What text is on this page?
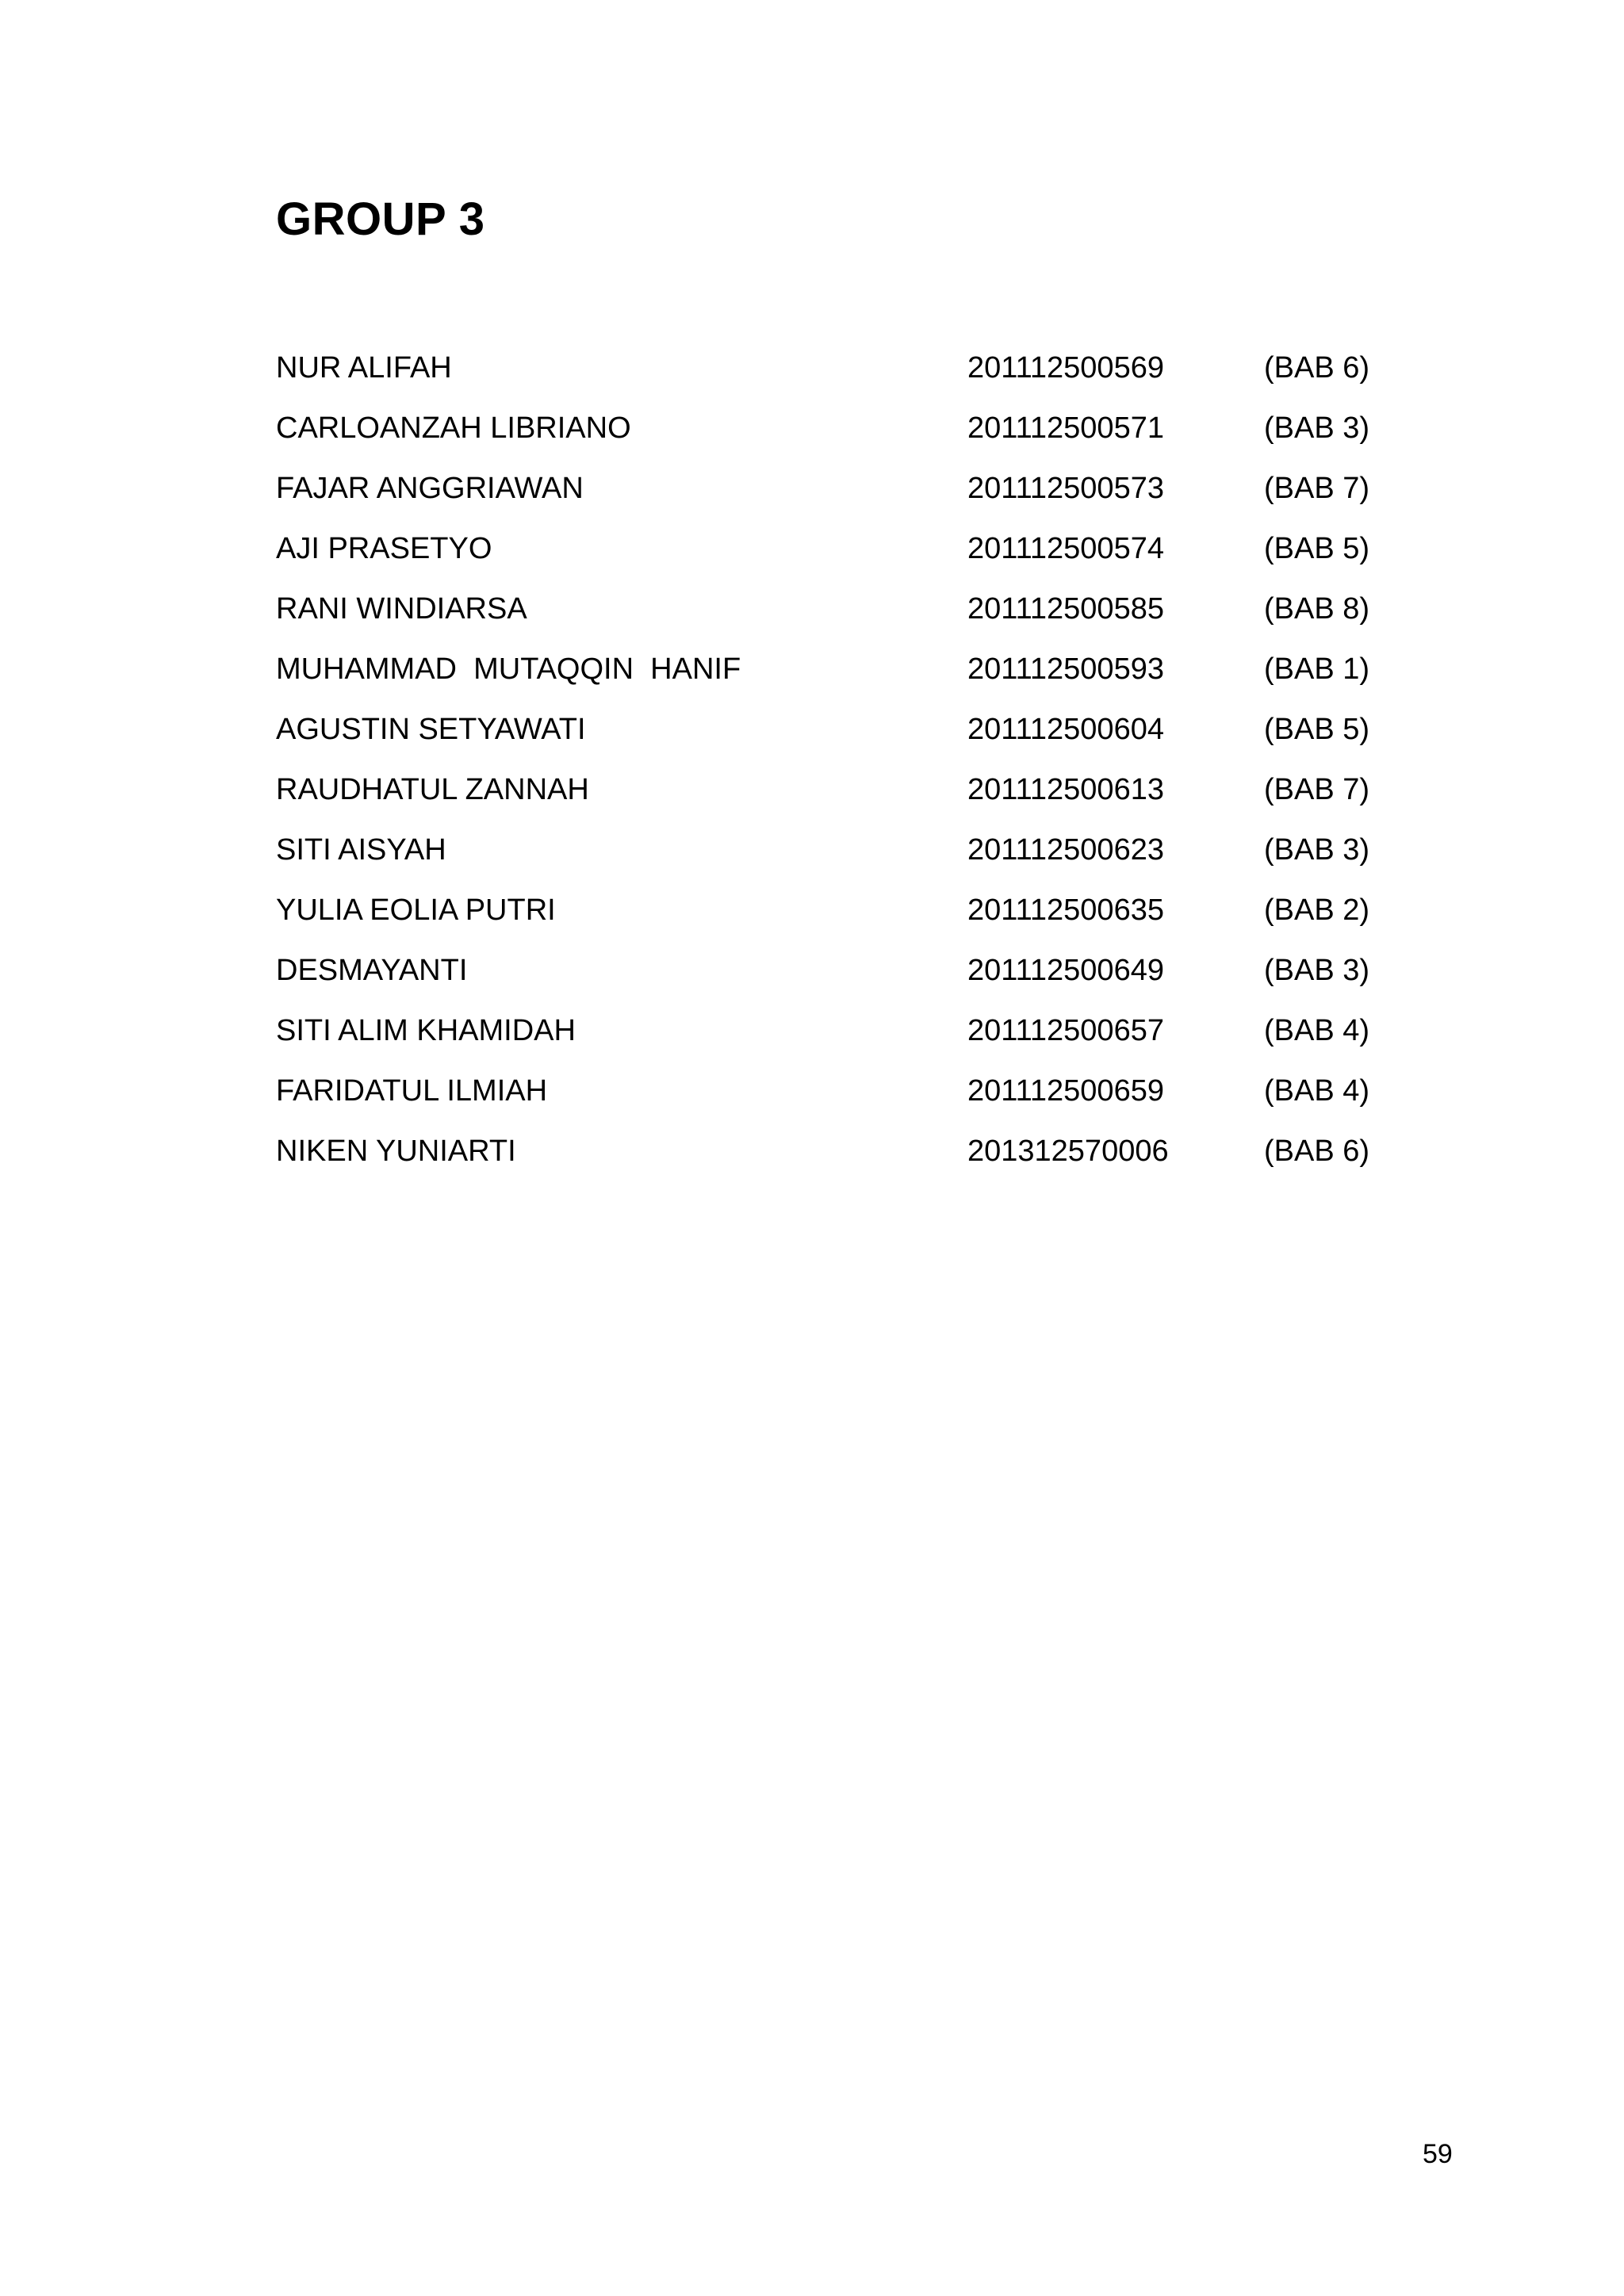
GROUP 3
NUR ALIFAH	201112500569	(BAB 6)
CARLOANZAH LIBRIANO	201112500571	(BAB 3)
FAJAR ANGGRIAWAN	201112500573	(BAB 7)
AJI PRASETYO	201112500574	(BAB 5)
RANI WINDIARSA	201112500585	(BAB 8)
MUHAMMAD  MUTAQQIN  HANIF	201112500593	(BAB 1)
AGUSTIN SETYAWATI	201112500604	(BAB 5)
RAUDHATUL ZANNAH	201112500613	(BAB 7)
SITI AISYAH	201112500623	(BAB 3)
YULIA EOLIA PUTRI	201112500635	(BAB 2)
DESMAYANTI	201112500649	(BAB 3)
SITI ALIM KHAMIDAH	201112500657	(BAB 4)
FARIDATUL ILMIAH	201112500659	(BAB 4)
NIKEN YUNIARTI	201312570006	(BAB 6)
59
